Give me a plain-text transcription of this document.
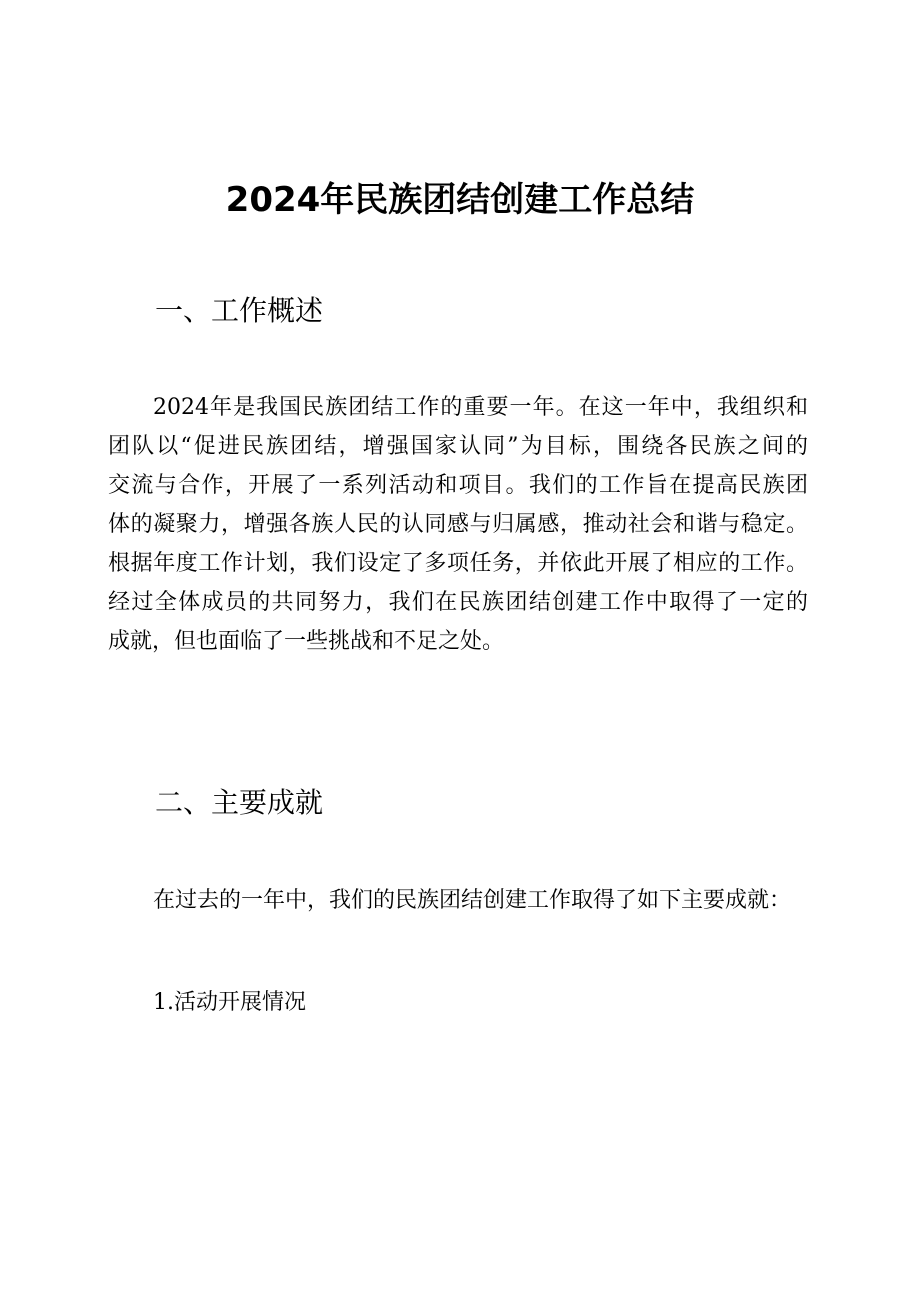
2024年民族团结创建工作总结
一、工作概述
2024年是我国民族团结工作的重要一年。在这一年中，我组织和
团队以“促进民族团结，增强国家认同”为目标，围绕各民族之间的
交流与合作，开展了一系列活动和项目。我们的工作旨在提高民族团
体的凝聚力，增强各族人民的认同感与归属感，推动社会和谐与稳定。
根据年度工作计划，我们设定了多项任务，并依此开展了相应的工作。
经过全体成员的共同努力，我们在民族团结创建工作中取得了一定的
成就，但也面临了一些挑战和不足之处。
二、主要成就

在过去的一年中，我们的民族团结创建工作取得了如下主要成就：

1.活动开展情况
